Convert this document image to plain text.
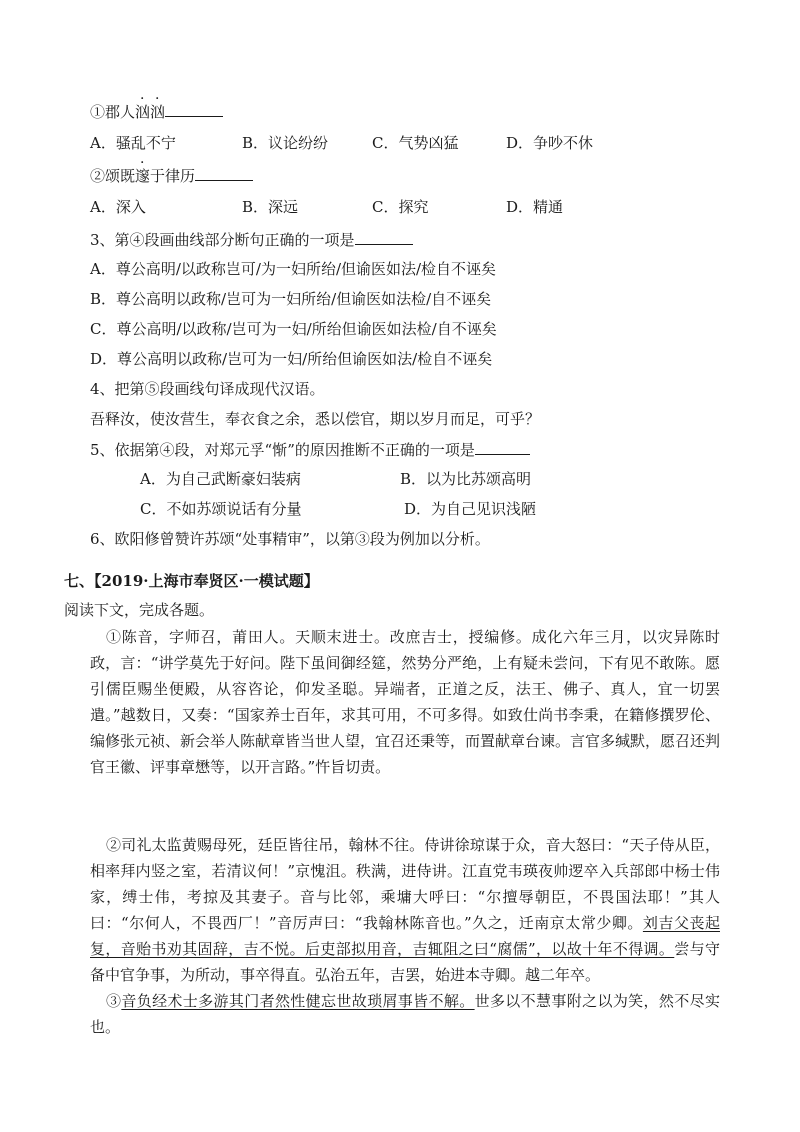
①郡人汹汹
A．骚乱不宁	B．议论纷纷	C．气势凶猛	D．争吵不休
②颂既邃于律历
A．深入	B．深远	C．探究	D．精通
3、第④段画曲线部分断句正确的一项是
A．尊公高明/以政称岂可/为一妇所绐/但谕医如法/检自不诬矣
B．尊公高明以政称/岂可为一妇所绐/但谕医如法检/自不诬矣
C．尊公高明/以政称/岂可为一妇/所绐但谕医如法检/自不诬矣
D．尊公高明以政称/岂可为一妇/所绐但谕医如法/检自不诬矣
4、把第⑤段画线句译成现代汉语。
吾释汝，使汝营生，奉衣食之余，悉以偿官，期以岁月而足，可乎？
5、依据第④段，对郑元孚“惭”的原因推断不正确的一项是
A．为自己武断豪妇装病	B．以为比苏颂高明
C．不如苏颂说话有分量	D．为自己见识浅陋
6、欧阳修曾赞许苏颂“处事精审”，以第③段为例加以分析。
七、【2019·上海市奉贤区·一模试题】
阅读下文，完成各题。
①陈音，字师召，莆田人。天顺末进士。改庶吉士，授编修。成化六年三月，以灾异陈时政，言：“讲学莫先于好问。陛下虽间御经筵，然势分严绝，上有疑未尝问，下有见不敢陈。愿引儒臣赐坐便殿，从容咨论，仰发圣聪。异端者，正道之反，法王、佛子、真人，宜一切罢遣。”越数日，又奏：“国家养士百年，求其可用，不可多得。如致仕尚书李秉，在籍修撰罗伦、编修张元祯、新会举人陈献章皆当世人望，宜召还秉等，而置献章台谏。言官多缄默，愿召还判官王徽、评事章懋等，以开言路。”忤旨切责。
②司礼太监黄赐母死，廷臣皆往吊，翰林不往。侍讲徐琼谋于众，音大怒曰：“天子侍从臣，相率拜内竖之室，若清议何！”京愧沮。秩满，进侍讲。江直党韦瑛夜帅逻卒入兵部郎中杨士伟家，缚士伟，考掠及其妻子。音与比邻，乘墉大呼曰：“尔擅辱朝臣，不畏国法耶！”其人曰：“尔何人，不畏西厂！”音厉声曰：“我翰林陈音也。”久之，迁南京太常少卿。刘吉父丧起复，音贻书劝其固辞，吉不悦。后吏部拟用音，吉辄阻之曰“腐儒”，以故十年不得调。尝与守备中官争事，为所动，事卒得直。弘治五年，吉罢，始进本寺卿。越二年卒。
③音负经术士多游其门者然性健忘世故琐屑事皆不解。世多以不慧事附之以为笑，然不尽实也。
